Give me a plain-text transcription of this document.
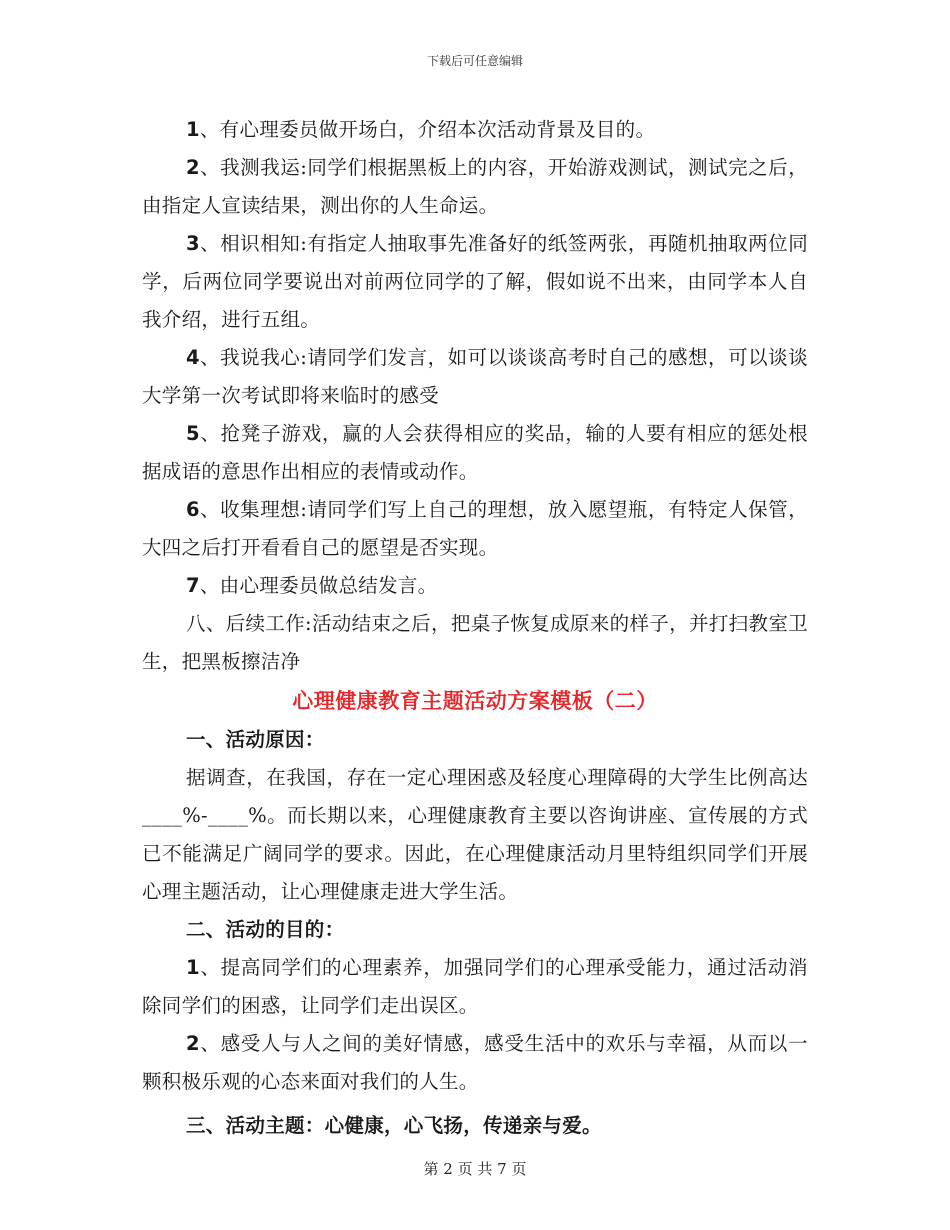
下载后可任意编辑

1、有心理委员做开场白，介绍本次活动背景及目的。

2、我测我运:同学们根据黑板上的内容，开始游戏测试，测试完之后，由指定人宣读结果，测出你的人生命运。

3、相识相知:有指定人抽取事先准备好的纸签两张，再随机抽取两位同学，后两位同学要说出对前两位同学的了解，假如说不出来，由同学本人自我介绍，进行五组。

4、我说我心:请同学们发言，如可以谈谈高考时自己的感想，可以谈谈大学第一次考试即将来临时的感受

5、抢凳子游戏，赢的人会获得相应的奖品，输的人要有相应的惩处根据成语的意思作出相应的表情或动作。

6、收集理想:请同学们写上自己的理想，放入愿望瓶，有特定人保管，大四之后打开看看自己的愿望是否实现。

7、由心理委员做总结发言。

八、后续工作:活动结束之后，把桌子恢复成原来的样子，并打扫教室卫生，把黑板擦洁净

心理健康教育主题活动方案模板（二）

一、活动原因：

据调查，在我国，存在一定心理困惑及轻度心理障碍的大学生比例高达____%-____%。而长期以来，心理健康教育主要以咨询讲座、宣传展的方式已不能满足广阔同学的要求。因此，在心理健康活动月里特组织同学们开展心理主题活动，让心理健康走进大学生活。

二、活动的目的：

1、提高同学们的心理素养，加强同学们的心理承受能力，通过活动消除同学们的困惑，让同学们走出误区。

2、感受人与人之间的美好情感，感受生活中的欢乐与幸福，从而以一颗积极乐观的心态来面对我们的人生。

三、活动主题：心健康，心飞扬，传递亲与爱。

第 2 页 共 7 页
